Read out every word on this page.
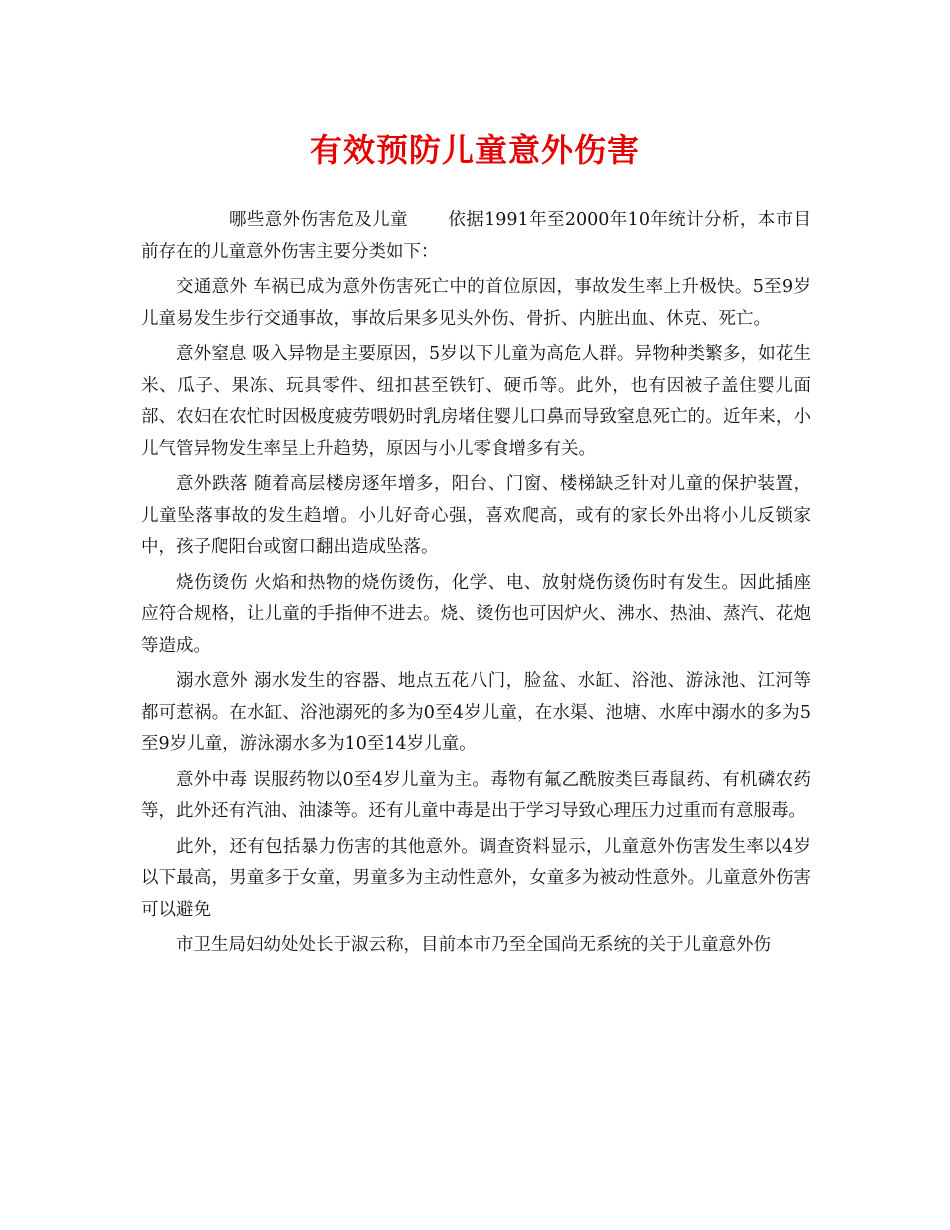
有效预防儿童意外伤害

哪些意外伤害危及儿童 依据1991年至2000年10年统计分析，本市目前存在的儿童意外伤害主要分类如下：

交通意外 车祸已成为意外伤害死亡中的首位原因，事故发生率上升极快。5至9岁儿童易发生步行交通事故，事故后果多见头外伤、骨折、内脏出血、休克、死亡。

意外窒息 吸入异物是主要原因，5岁以下儿童为高危人群。异物种类繁多，如花生米、瓜子、果冻、玩具零件、纽扣甚至铁钉、硬币等。此外，也有因被子盖住婴儿面部、农妇在农忙时因极度疲劳喂奶时乳房堵住婴儿口鼻而导致窒息死亡的。近年来，小儿气管异物发生率呈上升趋势，原因与小儿零食增多有关。

意外跌落 随着高层楼房逐年增多，阳台、门窗、楼梯缺乏针对儿童的保护装置，儿童坠落事故的发生趋增。小儿好奇心强，喜欢爬高，或有的家长外出将小儿反锁家中，孩子爬阳台或窗口翻出造成坠落。

烧伤烫伤 火焰和热物的烧伤烫伤，化学、电、放射烧伤烫伤时有发生。因此插座应符合规格，让儿童的手指伸不进去。烧、烫伤也可因炉火、沸水、热油、蒸汽、花炮等造成。

溺水意外 溺水发生的容器、地点五花八门，脸盆、水缸、浴池、游泳池、江河等都可惹祸。在水缸、浴池溺死的多为0至4岁儿童，在水渠、池塘、水库中溺水的多为5至9岁儿童，游泳溺水多为10至14岁儿童。

意外中毒 误服药物以0至4岁儿童为主。毒物有氟乙酰胺类巨毒鼠药、有机磷农药等，此外还有汽油、油漆等。还有儿童中毒是出于学习导致心理压力过重而有意服毒。

此外，还有包括暴力伤害的其他意外。调查资料显示，儿童意外伤害发生率以4岁以下最高，男童多于女童，男童多为主动性意外，女童多为被动性意外。儿童意外伤害可以避免

市卫生局妇幼处处长于淑云称，目前本市乃至全国尚无系统的关于儿童意外伤
